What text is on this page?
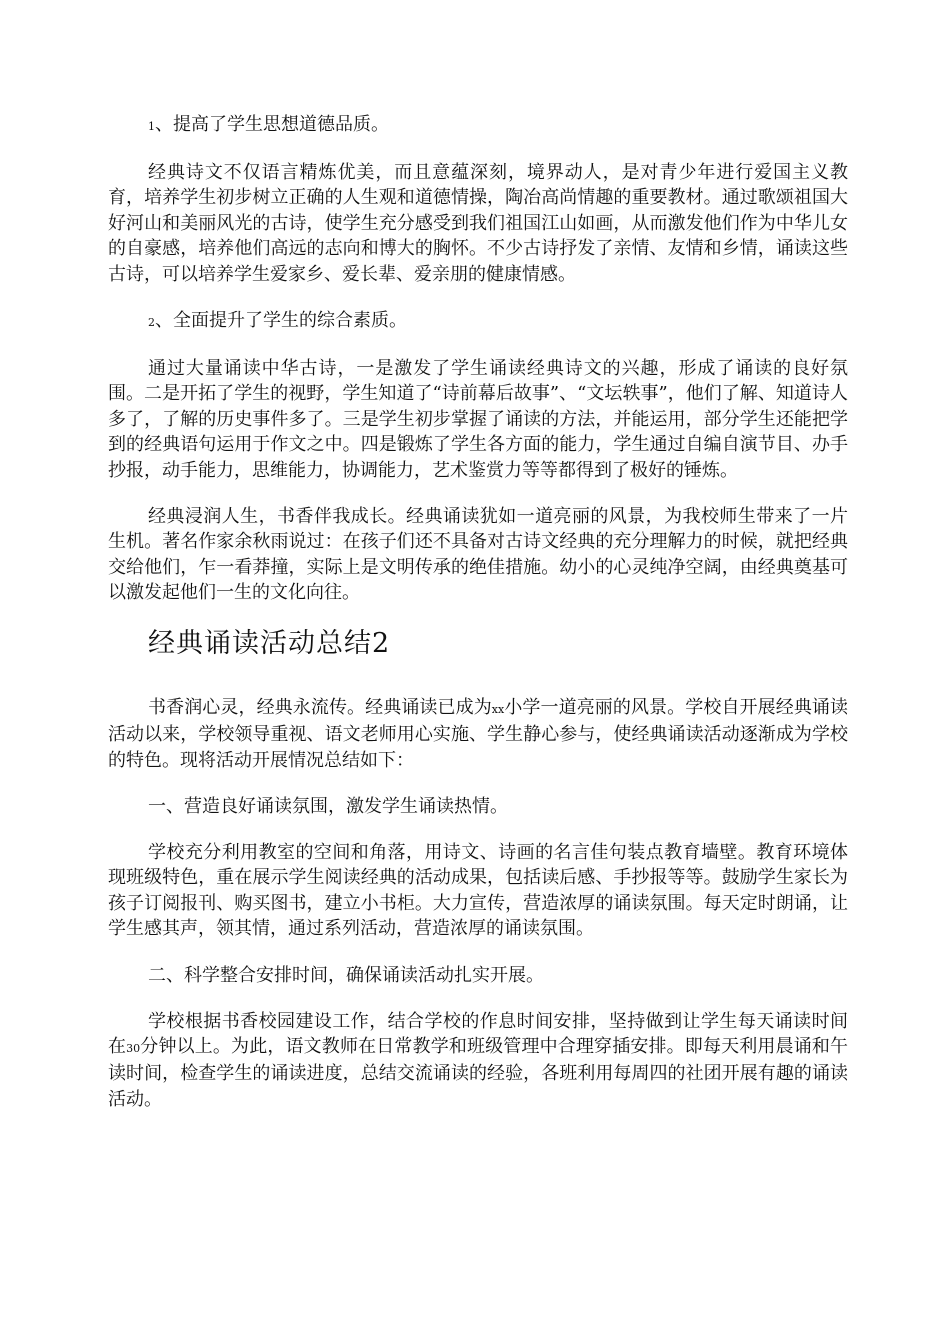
1、提高了学生思想道德品质。

经典诗文不仅语言精炼优美，而且意蕴深刻，境界动人，是对青少年进行爱国主义教育，培养学生初步树立正确的人生观和道德情操，陶冶高尚情趣的重要教材。通过歌颂祖国大好河山和美丽风光的古诗，使学生充分感受到我们祖国江山如画，从而激发他们作为中华儿女的自豪感，培养他们高远的志向和博大的胸怀。不少古诗抒发了亲情、友情和乡情，诵读这些古诗，可以培养学生爱家乡、爱长辈、爱亲朋的健康情感。

2、全面提升了学生的综合素质。

通过大量诵读中华古诗，一是激发了学生诵读经典诗文的兴趣，形成了诵读的良好氛围。二是开拓了学生的视野，学生知道了“诗前幕后故事”、“文坛轶事”，他们了解、知道诗人多了，了解的历史事件多了。三是学生初步掌握了诵读的方法，并能运用，部分学生还能把学到的经典语句运用于作文之中。四是锻炼了学生各方面的能力，学生通过自编自演节目、办手抄报，动手能力，思维能力，协调能力，艺术鉴赏力等等都得到了极好的锤炼。

经典浸润人生，书香伴我成长。经典诵读犹如一道亮丽的风景，为我校师生带来了一片生机。著名作家余秋雨说过：在孩子们还不具备对古诗文经典的充分理解力的时候，就把经典交给他们，乍一看莽撞，实际上是文明传承的绝佳措施。幼小的心灵纯净空阔，由经典奠基可以激发起他们一生的文化向往。

经典诵读活动总结2

书香润心灵，经典永流传。经典诵读已成为xx小学一道亮丽的风景。学校自开展经典诵读活动以来，学校领导重视、语文老师用心实施、学生静心参与，使经典诵读活动逐渐成为学校的特色。现将活动开展情况总结如下：

一、营造良好诵读氛围，激发学生诵读热情。

学校充分利用教室的空间和角落，用诗文、诗画的名言佳句装点教育墙壁。教育环境体现班级特色，重在展示学生阅读经典的活动成果，包括读后感、手抄报等等。鼓励学生家长为孩子订阅报刊、购买图书，建立小书柜。大力宣传，营造浓厚的诵读氛围。每天定时朗诵，让学生感其声，领其情，通过系列活动，营造浓厚的诵读氛围。

二、科学整合安排时间，确保诵读活动扎实开展。

学校根据书香校园建设工作，结合学校的作息时间安排，坚持做到让学生每天诵读时间在30分钟以上。为此，语文教师在日常教学和班级管理中合理穿插安排。即每天利用晨诵和午读时间，检查学生的诵读进度，总结交流诵读的经验，各班利用每周四的社团开展有趣的诵读活动。
